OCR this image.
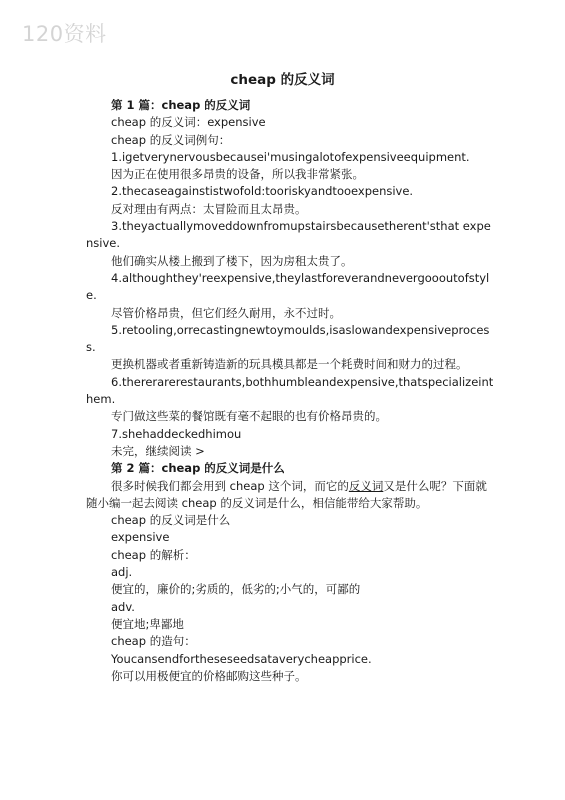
120资料
cheap 的反义词
第 1 篇：cheap 的反义词
cheap 的反义词：expensive
cheap 的反义词例句：
1.igetverynervousbecausei'musingalotofexpensiveequipment.
因为正在使用很多昂贵的设备，所以我非常紧张。
2.thecaseagainstistwofold:tooriskyandtooexpensive.
反对理由有两点：太冒险而且太昂贵。
3.theyactuallymoveddownfromupstairsbecausetherent'sthat expensive.
他们确实从楼上搬到了楼下，因为房租太贵了。
4.althoughthey'reexpensive,theylastforeverandnevergoooutofstyle.
尽管价格昂贵，但它们经久耐用，永不过时。
5.retooling,orrecastingnewtoymoulds,isaslowandexpensiveprocess.
更换机器或者重新铸造新的玩具模具都是一个耗费时间和财力的过程。
6.thererarerestaurants,bothhumbleandexpensive,thatspecializeinthem.
专门做这些菜的餐馆既有毫不起眼的也有价格昂贵的。
7.shehaddeckedhimou
未完，继续阅读 >
第 2 篇：cheap 的反义词是什么
很多时候我们都会用到 cheap 这个词，而它的反义词又是什么呢？下面就随小编一起去阅读 cheap 的反义词是什么，相信能带给大家帮助。
cheap 的反义词是什么
expensive
cheap 的解析：
adj.
便宜的，廉价的;劣质的，低劣的;小气的，可鄙的
adv.
便宜地;卑鄙地
cheap 的造句：
Youcansendfortheseseedsataverycheapprice.
你可以用极便宜的价格邮购这些种子。
